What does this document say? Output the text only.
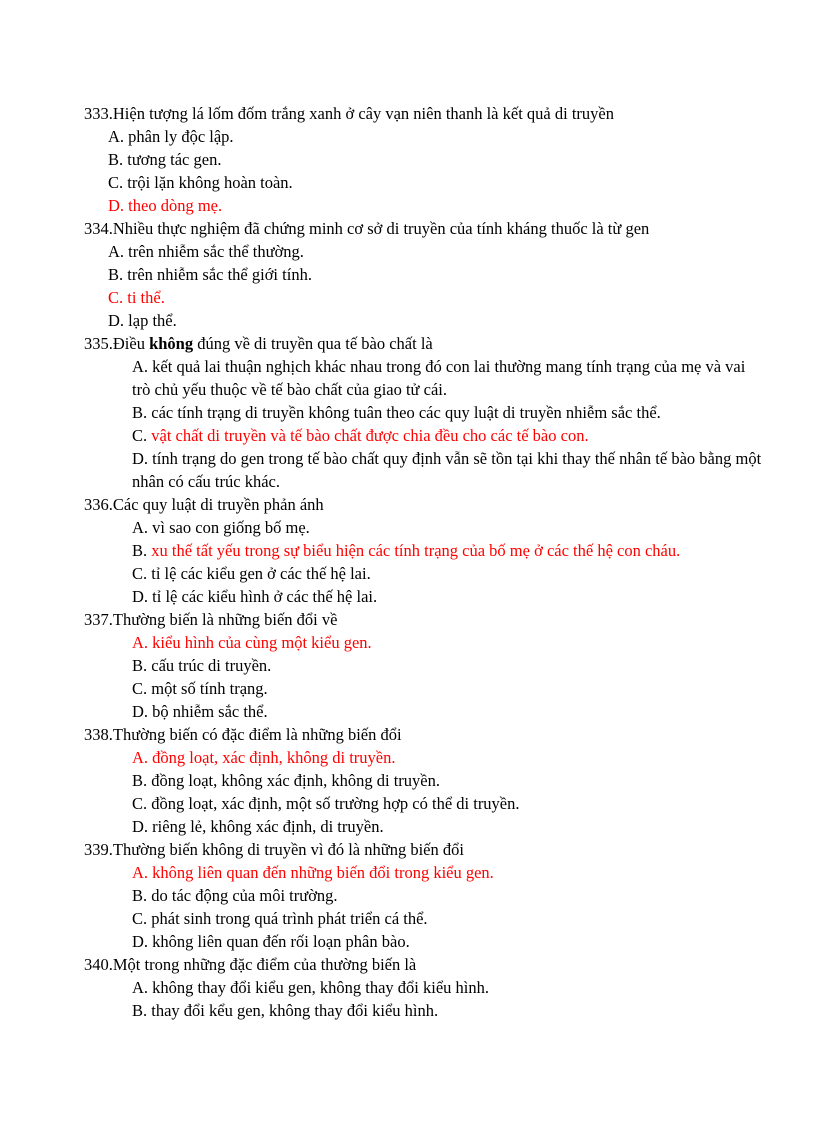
333.Hiện tượng lá lốm đốm trắng xanh ở cây vạn niên thanh là kết quả di truyền
A. phân ly độc lập.
B. tương tác gen.
C. trội lặn không hoàn toàn.
D. theo dòng mẹ.
334.Nhiều thực nghiệm đã chứng minh cơ sở di truyền của tính kháng thuốc là từ gen
A. trên nhiễm sắc thể thường.
B. trên nhiễm sắc thể giới tính.
C. ti thể.
D. lạp thể.
335.Điều không đúng về di truyền qua tế bào chất là
A. kết quả lai thuận nghịch khác nhau trong đó con lai thường mang tính trạng của mẹ và vai
trò chủ yếu thuộc về tế bào chất của giao tử cái.
B. các tính trạng di truyền không tuân theo các quy luật di truyền nhiễm sắc thể.
C. vật chất di truyền và tế bào chất được chia đều cho các tế bào con.
D. tính trạng do gen trong tế bào chất quy định vẫn sẽ tồn tại khi thay thế nhân tế bào bằng một
nhân có cấu trúc khác.
336.Các quy luật di truyền phản ánh
A. vì sao con giống bố mẹ.
B. xu thế tất yếu trong sự biểu hiện các tính trạng của bố mẹ ở các thế hệ con cháu.
C. tỉ lệ các kiểu gen ở các thế hệ lai.
D. tỉ lệ các kiểu hình ở các thế hệ lai.
337.Thường biến là những biến đổi về
A. kiểu hình của cùng một kiểu gen.
B. cấu trúc di truyền.
C. một số tính trạng.
D. bộ nhiễm sắc thể.
338.Thường biến có đặc điểm là những biến đổi
A. đồng loạt, xác định, không di truyền.
B. đồng loạt, không xác định, không di truyền.
C. đồng loạt, xác định, một số trường hợp có thể di truyền.
D. riêng lẻ, không xác định, di truyền.
339.Thường biến không di truyền vì đó là những biến đổi
A. không liên quan đến những biến đổi trong kiểu gen.
B. do tác động của môi trường.
C. phát sinh trong quá trình phát triển cá thể.
D. không liên quan đến rối loạn phân bào.
340.Một trong những đặc điểm của thường biến là
A. không thay đổi kiểu gen, không thay đổi kiểu hình.
B. thay đổi kểu gen, không thay đổi kiểu hình.
